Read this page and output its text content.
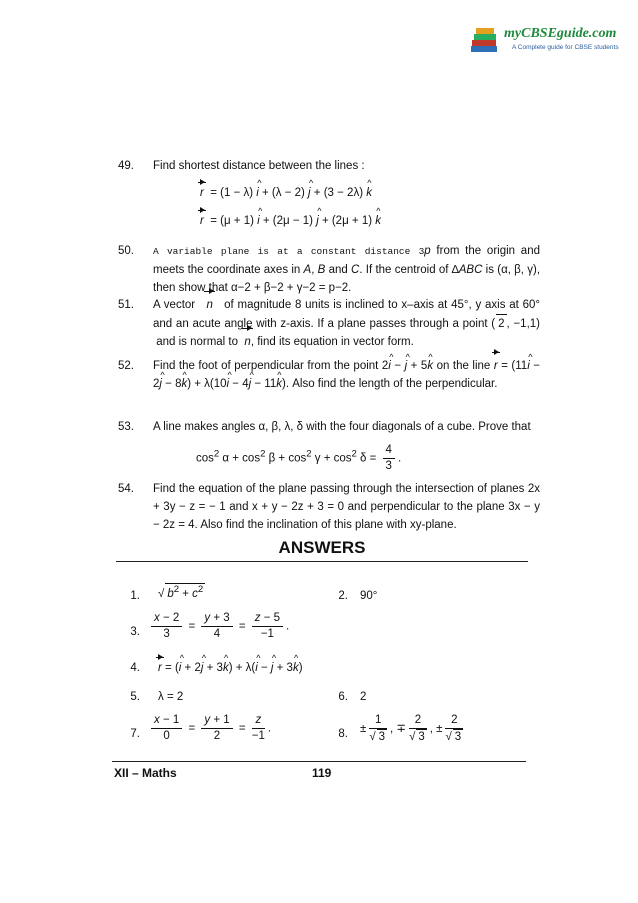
myCBSEguide.com
A Complete guide for CBSE students
49.	Find shortest distance between the lines :
r  = (1 − λ) i ^ + (λ − 2) j ^ + (3 − 2λ) k ^
r  = (μ + 1) i ^ + (2μ − 1) j ^ + (2μ + 1) k ^
50.	A variable plane is at a constant distance 3p from the origin and meets the coordinate axes in A, B and C. If the centroid of ∆ABC is (α, β, γ), then show that α−2 + β−2 + γ−2 = p−2.
51.	A vector n of magnitude 8 units is inclined to x–axis at 45°, y axis at 60° and an acute angle with z-axis. If a plane passes through a point ( 2 , −1,1)  and is normal to n, find its equation in vector form.
52.	Find the foot of perpendicular from the point 2i ^ − j ^ + 5k ^ on the line r = (11i ^ − 2j ^ − 8k ^) + λ(10i ^ − 4j ^ − 11k ^). Also find the length of the perpendicular.
53.	A line makes angles α, β, λ, δ with the four diagonals of a cube. Prove that
$\cos^2 \alpha + \cos^2 \beta + \cos^2 \gamma + \cos^2 \delta = \frac{4}{3}$ .
54.	Find the equation of the plane passing through the intersection of planes 2x + 3y − z = − 1 and x + y − 2z + 3 = 0 and perpendicular to the plane 3x − y − 2z = 4. Also find the inclination of this plane with xy-plane.
ANSWERS
1. √ $b^2 + c^2$
2. 90°
3. $\frac{x - 2}{3} = \frac{y + 3}{4} = \frac{z - 5}{-1}$ .
4. r = (i ^ + 2j ^ + 3k ^) + λ(i ^ − j ^ + 3k ^)
5. λ = 2	6. 2
7. $\frac{x - 1}{0} = \frac{y + 1}{2} = \frac{z}{-1}$ .	8. ± $\frac{1}{√ 3}$ , ∓ $\frac{2}{√ 3}$ , ± $\frac{2}{√ 3}$
XII – Maths	119
